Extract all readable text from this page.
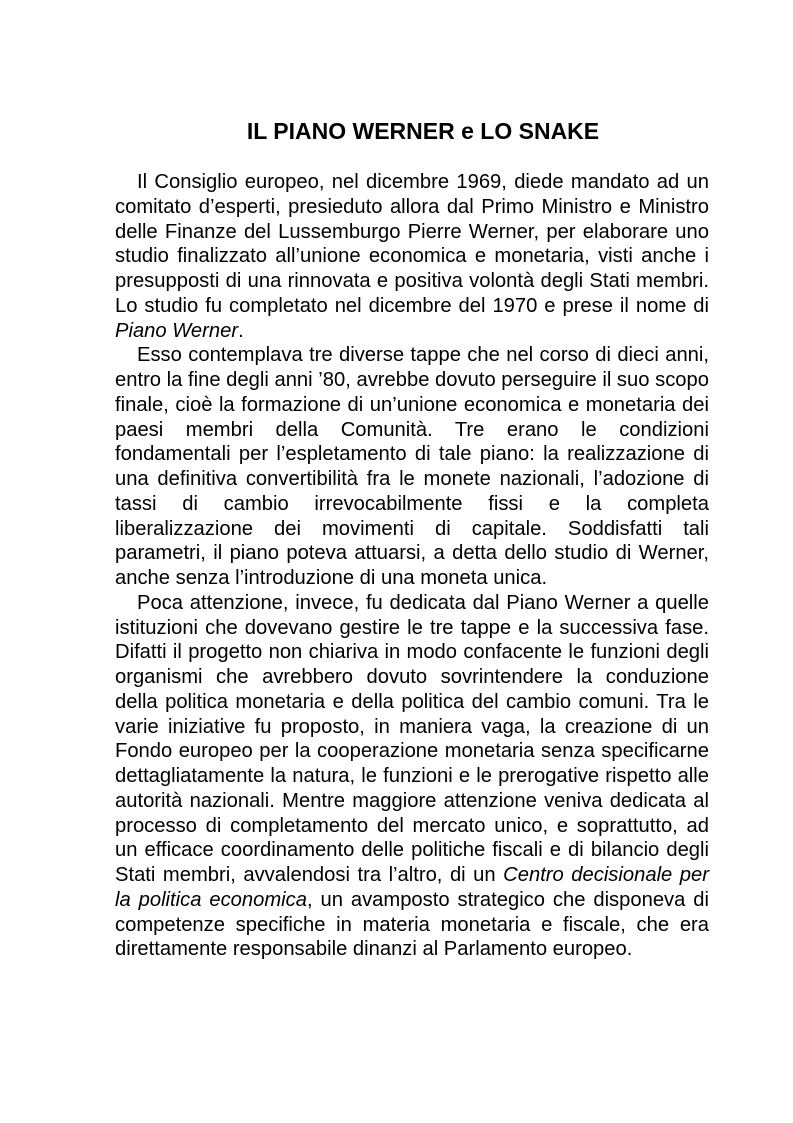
IL PIANO WERNER e LO SNAKE

Il Consiglio europeo, nel dicembre 1969, diede mandato ad un comitato d’esperti, presieduto allora dal Primo Ministro e Ministro delle Finanze del Lussemburgo Pierre Werner, per elaborare uno studio finalizzato all’unione economica e monetaria, visti anche i presupposti di una rinnovata e positiva volontà degli Stati membri. Lo studio fu completato nel dicembre del 1970 e prese il nome di Piano Werner.

Esso contemplava tre diverse tappe che nel corso di dieci anni, entro la fine degli anni ’80, avrebbe dovuto perseguire il suo scopo finale, cioè la formazione di un’unione economica e monetaria dei paesi membri della Comunità. Tre erano le condizioni fondamentali per l’espletamento di tale piano: la realizzazione di una definitiva convertibilità fra le monete nazionali, l’adozione di tassi di cambio irrevocabilmente fissi e la completa liberalizzazione dei movimenti di capitale. Soddisfatti tali parametri, il piano poteva attuarsi, a detta dello studio di Werner, anche senza l’introduzione di una moneta unica.

Poca attenzione, invece, fu dedicata dal Piano Werner a quelle istituzioni che dovevano gestire le tre tappe e la successiva fase. Difatti il progetto non chiariva in modo confacente le funzioni degli organismi che avrebbero dovuto sovrintendere la conduzione della politica monetaria e della politica del cambio comuni. Tra le varie iniziative fu proposto, in maniera vaga, la creazione di un Fondo europeo per la cooperazione monetaria senza specificarne dettagliatamente la natura, le funzioni e le prerogative rispetto alle autorità nazionali. Mentre maggiore attenzione veniva dedicata al processo di completamento del mercato unico, e soprattutto, ad un efficace coordinamento delle politiche fiscali e di bilancio degli Stati membri, avvalendosi tra l’altro, di un Centro decisionale per la politica economica, un avamposto strategico che disponeva di competenze specifiche in materia monetaria e fiscale, che era direttamente responsabile dinanzi al Parlamento europeo.
